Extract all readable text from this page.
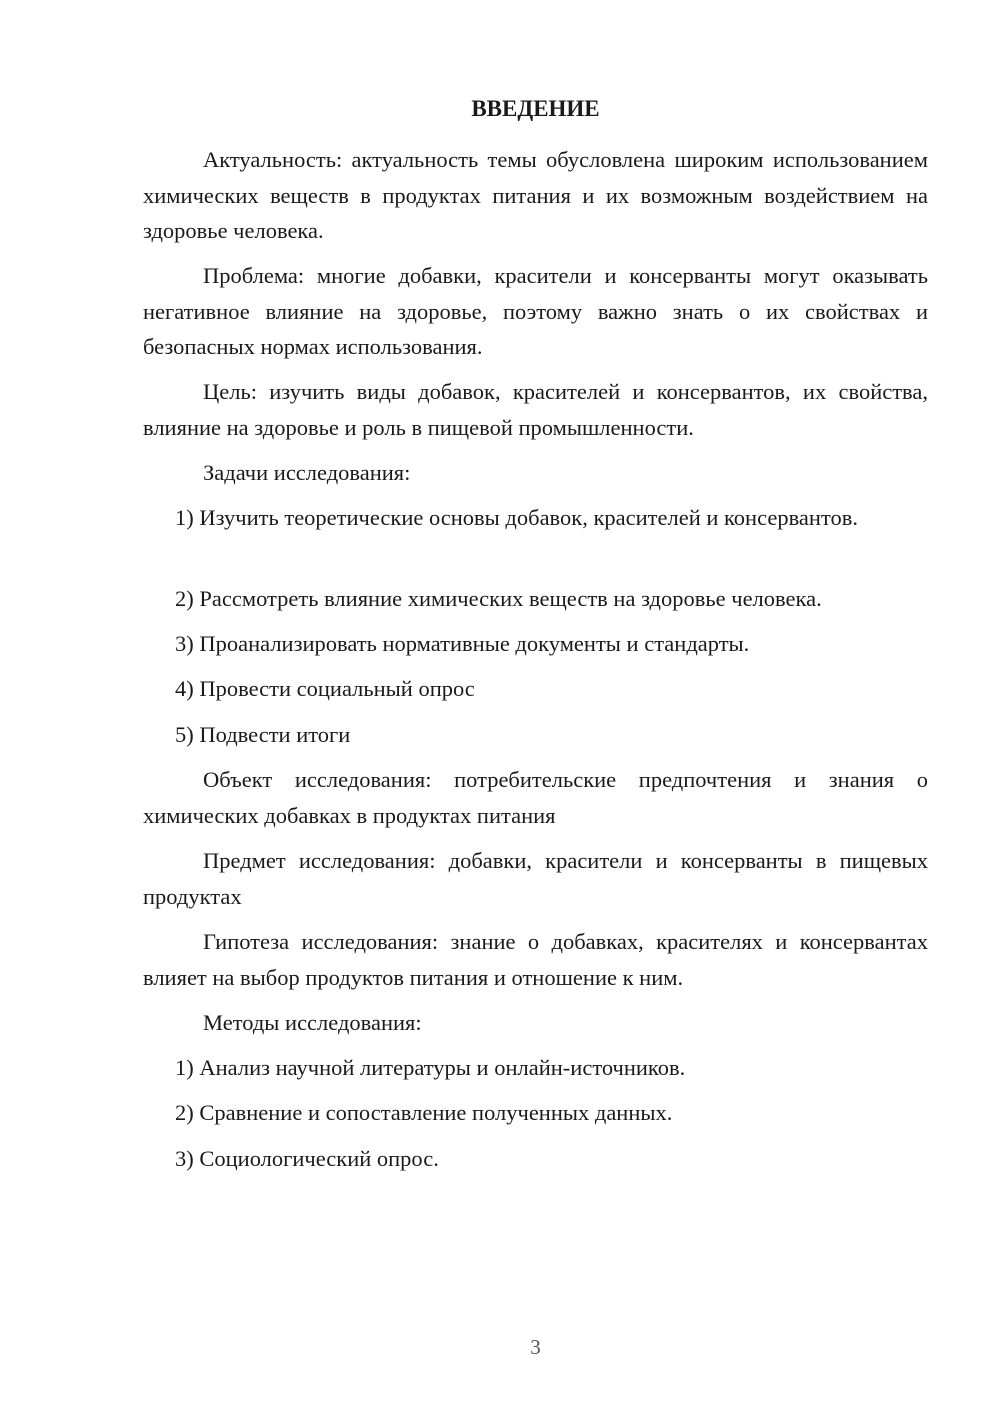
ВВЕДЕНИЕ

Актуальность: актуальность темы обусловлена широким использованием химических веществ в продуктах питания и их возможным воздействием на здоровье человека.

Проблема: многие добавки, красители и консерванты могут оказывать негативное влияние на здоровье, поэтому важно знать о их свойствах и безопасных нормах использования.

Цель: изучить виды добавок, красителей и консервантов, их свойства, влияние на здоровье и роль в пищевой промышленности.

Задачи исследования:

1) Изучить теоретические основы добавок, красителей и консервантов.

2) Рассмотреть влияние химических веществ на здоровье человека.

3) Проанализировать нормативные документы и стандарты.

4) Провести социальный опрос

5) Подвести итоги

Объект исследования: потребительские предпочтения и знания о химических добавках в продуктах питания

Предмет исследования: добавки, красители и консерванты в пищевых продуктах

Гипотеза исследования: знание о добавках, красителях и консервантах влияет на выбор продуктов питания и отношение к ним.

Методы исследования:

1) Анализ научной литературы и онлайн-источников.

2) Сравнение и сопоставление полученных данных.

3) Социологический опрос.

3
